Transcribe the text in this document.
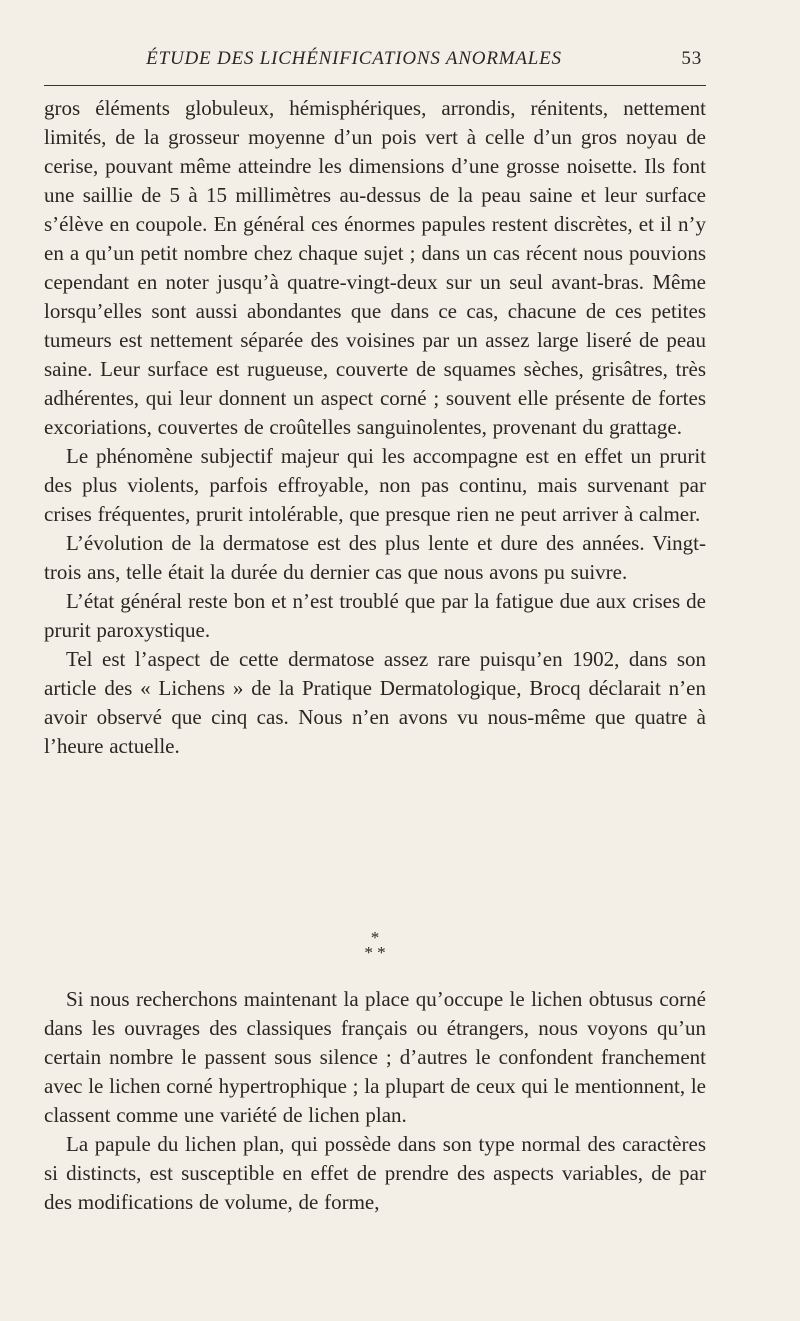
ÉTUDE DES LICHÉNIFICATIONS ANORMALES	53

gros éléments globuleux, hémisphériques, arrondis, rénitents, nettement limités, de la grosseur moyenne d’un pois vert à celle d’un gros noyau de cerise, pouvant même atteindre les dimensions d’une grosse noisette. Ils font une saillie de 5 à 15 millimètres au-dessus de la peau saine et leur surface s’élève en coupole. En général ces énormes papules restent discrètes, et il n’y en a qu’un petit nombre chez chaque sujet ; dans un cas récent nous pouvions cependant en noter jusqu’à quatre-vingt-deux sur un seul avant-bras. Même lorsqu’elles sont aussi abondantes que dans ce cas, chacune de ces petites tumeurs est nettement séparée des voisines par un assez large liseré de peau saine. Leur surface est rugueuse, couverte de squames sèches, grisâtres, très adhérentes, qui leur donnent un aspect corné ; souvent elle présente de fortes excoriations, couvertes de croûtelles sanguinolentes, provenant du grattage.

Le phénomène subjectif majeur qui les accompagne est en effet un prurit des plus violents, parfois effroyable, non pas continu, mais survenant par crises fréquentes, prurit intolérable, que presque rien ne peut arriver à calmer.

L’évolution de la dermatose est des plus lente et dure des années. Vingt-trois ans, telle était la durée du dernier cas que nous avons pu suivre.

L’état général reste bon et n’est troublé que par la fatigue due aux crises de prurit paroxystique.

Tel est l’aspect de cette dermatose assez rare puisqu’en 1902, dans son article des « Lichens » de la Pratique Dermatologique, Brocq déclarait n’en avoir observé que cinq cas. Nous n’en avons vu nous-même que quatre à l’heure actuelle.

*
* *

Si nous recherchons maintenant la place qu’occupe le lichen obtusus corné dans les ouvrages des classiques français ou étrangers, nous voyons qu’un certain nombre le passent sous silence ; d’autres le confondent franchement avec le lichen corné hypertrophique ; la plupart de ceux qui le mentionnent, le classent comme une variété de lichen plan.

La papule du lichen plan, qui possède dans son type normal des caractères si distincts, est susceptible en effet de prendre des aspects variables, de par des modifications de volume, de forme,
